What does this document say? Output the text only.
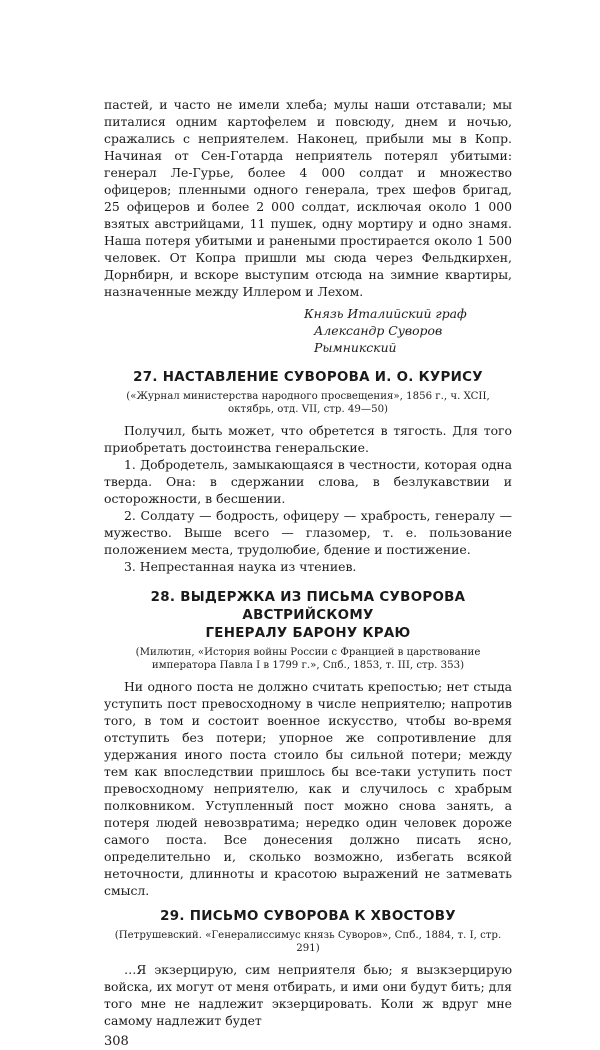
пастей, и часто не имели хлеба; мулы наши отставали; мы питалися одним картофелем и повсюду, днем и ночью, сражались с неприятелем. Наконец, прибыли мы в Копр. Начиная от Сен-Готарда неприятель потерял убитыми: генерал Ле-Гурье, более 4 000 солдат и множество офицеров; пленными одного генерала, трех шефов бригад, 25 офицеров и более 2 000 солдат, исключая около 1 000 взятых австрийцами, 11 пушек, одну мортиру и одно знамя. Наша потеря убитыми и ранеными простирается около 1 500 человек. От Копра пришли мы сюда через Фельдкирхен, Дорнбирн, и вскоре выступим отсюда на зимние квартиры, назначенные между Иллером и Лехом.

Князь Италийский граф
Александр Суворов Рымникский
27. НАСТАВЛЕНИЕ СУВОРОВА И. О. КУРИСУ

(«Журнал министерства народного просвещения», 1856 г., ч. XCII, октябрь, отд. VII, стр. 49—50)

Получил, быть может, что обретется в тягость. Для того приобретать достоинства генеральские.

1. Добродетель, замыкающаяся в честности, которая одна тверда. Она: в сдержании слова, в безлукавствии и осторожности, в бесшении.

2. Солдату — бодрость, офицеру — храбрость, генералу — мужество. Выше всего — глазомер, т. е. пользование положением места, трудолюбие, бдение и постижение.

3. Непрестанная наука из чтениев.

28. ВЫДЕРЖКА ИЗ ПИСЬМА СУВОРОВА АВСТРИЙСКОМУ
ГЕНЕРАЛУ БАРОНУ КРАЮ

(Милютин, «История войны России с Францией в царствование императора Павла I в 1799 г.», Спб., 1853, т. III, стр. 353)

Ни одного поста не должно считать крепостью; нет стыда уступить пост превосходному в числе неприятелю; напротив того, в том и состоит военное искусство, чтобы во-время отступить без потери; упорное же сопротивление для удержания иного поста стоило бы сильной потери; между тем как впоследствии пришлось бы все-таки уступить пост превосходному неприятелю, как и случилось с храбрым полковником. Уступленный пост можно снова занять, а потеря людей невозвратима; нередко один человек дороже самого поста. Все донесения должно писать ясно, определительно и, сколько возможно, избегать всякой неточности, длинноты и красотою выражений не затмевать смысл.

29. ПИСЬМО СУВОРОВА К ХВОСТОВУ

(Петрушевский. «Генералиссимус князь Суворов», Спб., 1884, т. I, стр. 291)

…Я экзерцирую, сим неприятеля бью; я вызкзерцирую войска, их могут от меня отбирать, и ими они будут бить; для того мне не надлежит экзерцировать. Коли ж вдруг мне самому надлежит будет

308
